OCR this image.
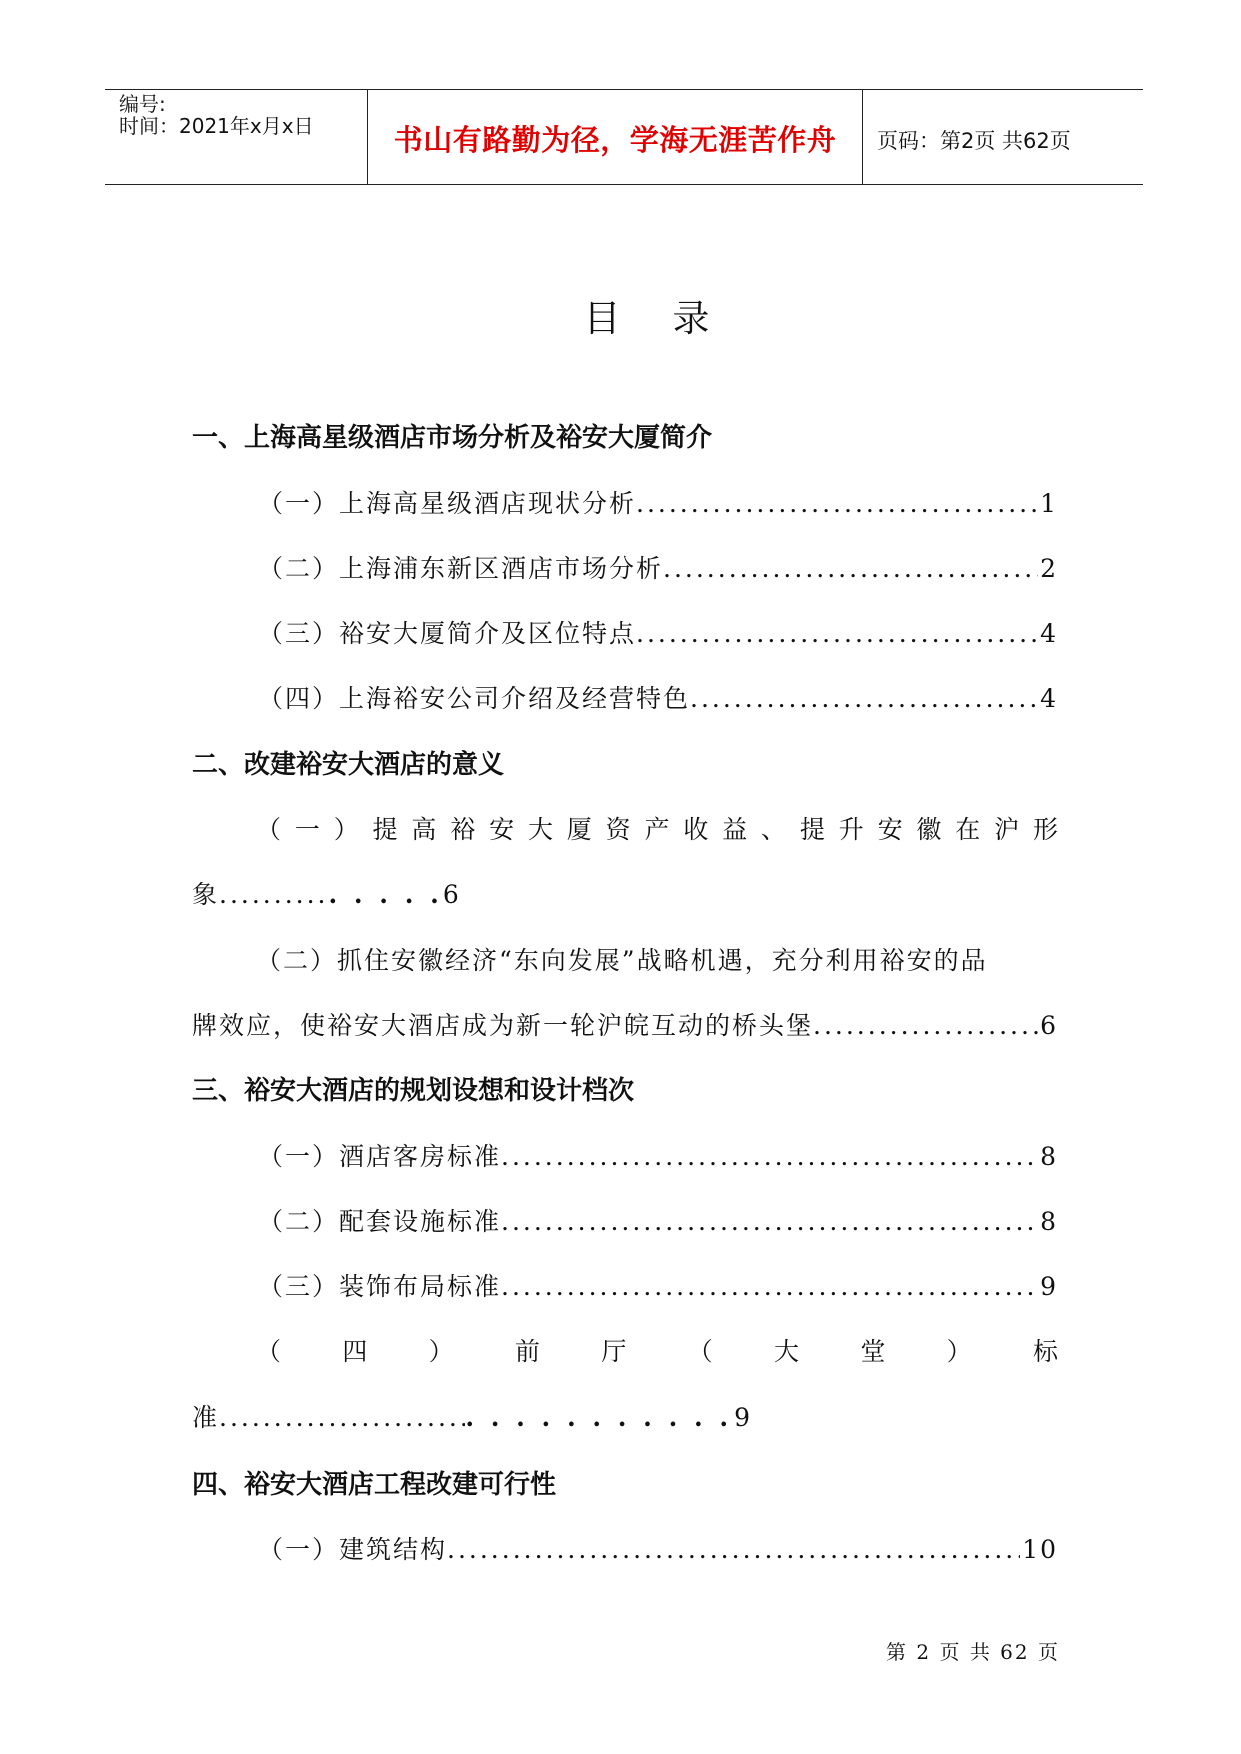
编号:
时间：2021年x月x日	书山有路勤为径，学海无涯苦作舟	页码：第2页 共62页
目录
一、上海高星级酒店市场分析及裕安大厦简介
（一）上海高星级酒店现状分析 .....	1
（二）上海浦东新区酒店市场分析 .....	2
（三）裕安大厦简介及区位特点 .....	4
（四）上海裕安公司介绍及经营特色 .....	4
二、改建裕安大酒店的意义
（ 一 ） 提 高 裕 安 大 厦 资 产 收 益 、 提 升 安 徽 在 沪 形
象........... . . . .6
（二）抓住安徽经济“东向发展”战略机遇，充分利用裕安的品
牌效应，使裕安大酒店成为新一轮沪皖互动的桥头堡 .....	6
三、裕安大酒店的规划设想和设计档次
（一）酒店客房标准 .....	8
（二）配套设施标准 .....	8
（三）装饰布局标准 .....	9
（ 四 ） 前 厅 （ 大 堂 ） 标
准 .....	. . . . . . . . . . . 9
四、裕安大酒店工程改建可行性
（一）建筑结构 .....	10
第 2 页 共 62 页
